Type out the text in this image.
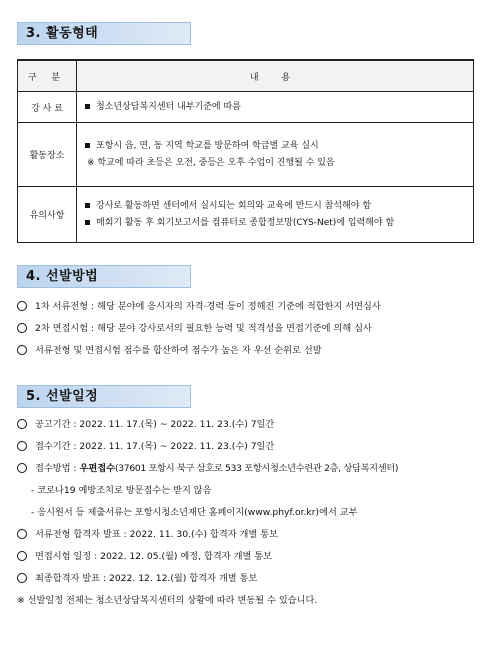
3. 활동형태
구 분	내 용
강 사 료	청소년상담복지센터 내부기준에 따름

활동장소	포항시 읍, 면, 동 지역 학교를 방문하여 학급별 교육 실시
※ 학교에 따라 초등은 오전, 중등은 오후 수업이 진행될 수 있음

유의사항	강사로 활동하면 센터에서 실시되는 회의와 교육에 반드시 참석해야 함
매회기 활동 후 회기보고서를 컴퓨터로 종합정보망(CYS-Net)에 입력해야 함
4. 선발방법
1차 서류전형 : 해당 분야에 응시자의 자격·경력 등이 정해진 기준에 적합한지 서면심사
2차 면접시험 : 해당 분야 강사로서의 필요한 능력 및 적격성을 면접기준에 의해 심사
서류전형 및 면접시험 점수를 합산하여 점수가 높은 자 우선 순위로 선발
5. 선발일정
공고기간 : 2022. 11. 17.(목) ~ 2022. 11. 23.(수) 7일간
접수기간 : 2022. 11. 17.(목) ~ 2022. 11. 23.(수) 7일간
접수방법 : 우편접수(37601 포항시 북구 삼호로 533 포항시청소년수련관 2층, 상담복지센터)
- 코로나19 예방조치로 방문접수는 받지 않음
- 응시원서 등 제출서류는 포항시청소년재단 홈페이지(www.phyf.or.kr)에서 교부
서류전형 합격자 발표 : 2022. 11. 30.(수) 합격자 개별 통보
면접시험 일정 : 2022. 12. 05.(월) 예정, 합격자 개별 통보
최종합격자 발표 : 2022. 12. 12.(월) 합격자 개별 통보
※ 선발일정 전체는 청소년상담복지센터의 상황에 따라 변동될 수 있습니다.
